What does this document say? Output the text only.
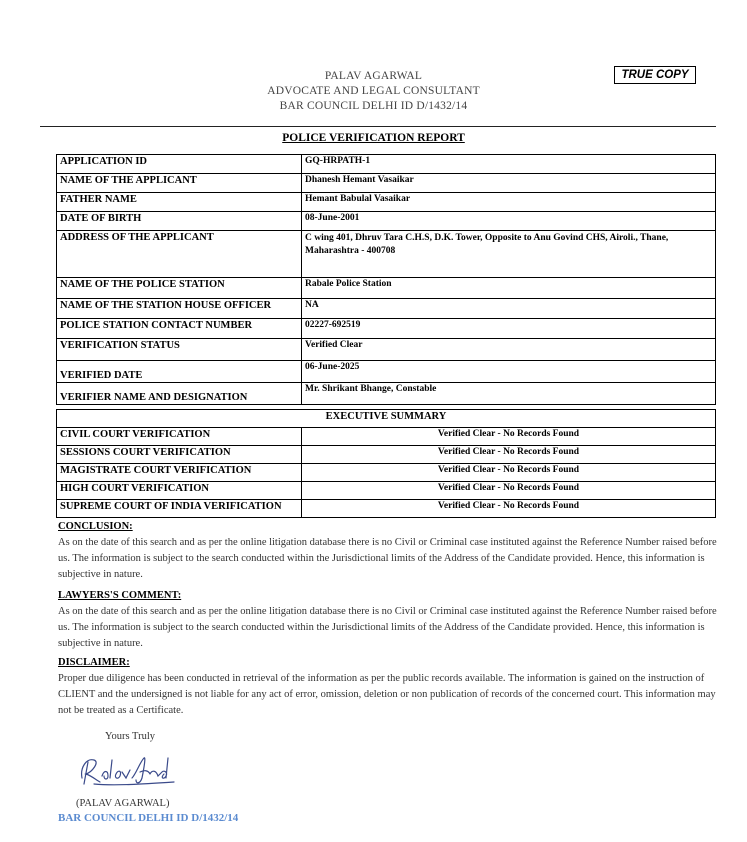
PALAV AGARWAL
ADVOCATE AND LEGAL CONSULTANT
BAR COUNCIL DELHI ID D/1432/14
TRUE COPY
POLICE VERIFICATION REPORT
APPLICATION ID	GQ-HRPATH-1
NAME OF THE APPLICANT	Dhanesh Hemant Vasaikar
FATHER NAME	Hemant Babulal Vasaikar
DATE OF BIRTH	08-June-2001
ADDRESS OF THE APPLICANT	C wing 401, Dhruv Tara C.H.S, D.K. Tower, Opposite to Anu Govind CHS, Airoli., Thane, Maharashtra - 400708
NAME OF THE POLICE STATION	Rabale Police Station
NAME OF THE STATION HOUSE OFFICER	NA
POLICE STATION CONTACT NUMBER	02227-692519
VERIFICATION STATUS	Verified Clear
VERIFIED DATE	06-June-2025
VERIFIER NAME AND DESIGNATION	Mr. Shrikant Bhange, Constable
EXECUTIVE SUMMARY	
CIVIL COURT VERIFICATION	Verified Clear - No Records Found
SESSIONS COURT VERIFICATION	Verified Clear - No Records Found
MAGISTRATE COURT VERIFICATION	Verified Clear - No Records Found
HIGH COURT VERIFICATION	Verified Clear - No Records Found
SUPREME COURT OF INDIA VERIFICATION	Verified Clear - No Records Found
CONCLUSION:
As on the date of this search and as per the online litigation database there is no Civil or Criminal case instituted against the Reference Number raised before us. The information is subject to the search conducted within the Jurisdictional limits of the Address of the Candidate provided. Hence, this information is subjective in nature.
LAWYERS'S COMMENT:
As on the date of this search and as per the online litigation database there is no Civil or Criminal case instituted against the Reference Number raised before us. The information is subject to the search conducted within the Jurisdictional limits of the Address of the Candidate provided. Hence, this information is subjective in nature.
DISCLAIMER:
Proper due diligence has been conducted in retrieval of the information as per the public records available. The information is gained on the instruction of CLIENT and the undersigned is not liable for any act of error, omission, deletion or non publication of records of the concerned court. This information may not be treated as a Certificate.
Yours Truly
(PALAV AGARWAL)
BAR COUNCIL DELHI ID D/1432/14
